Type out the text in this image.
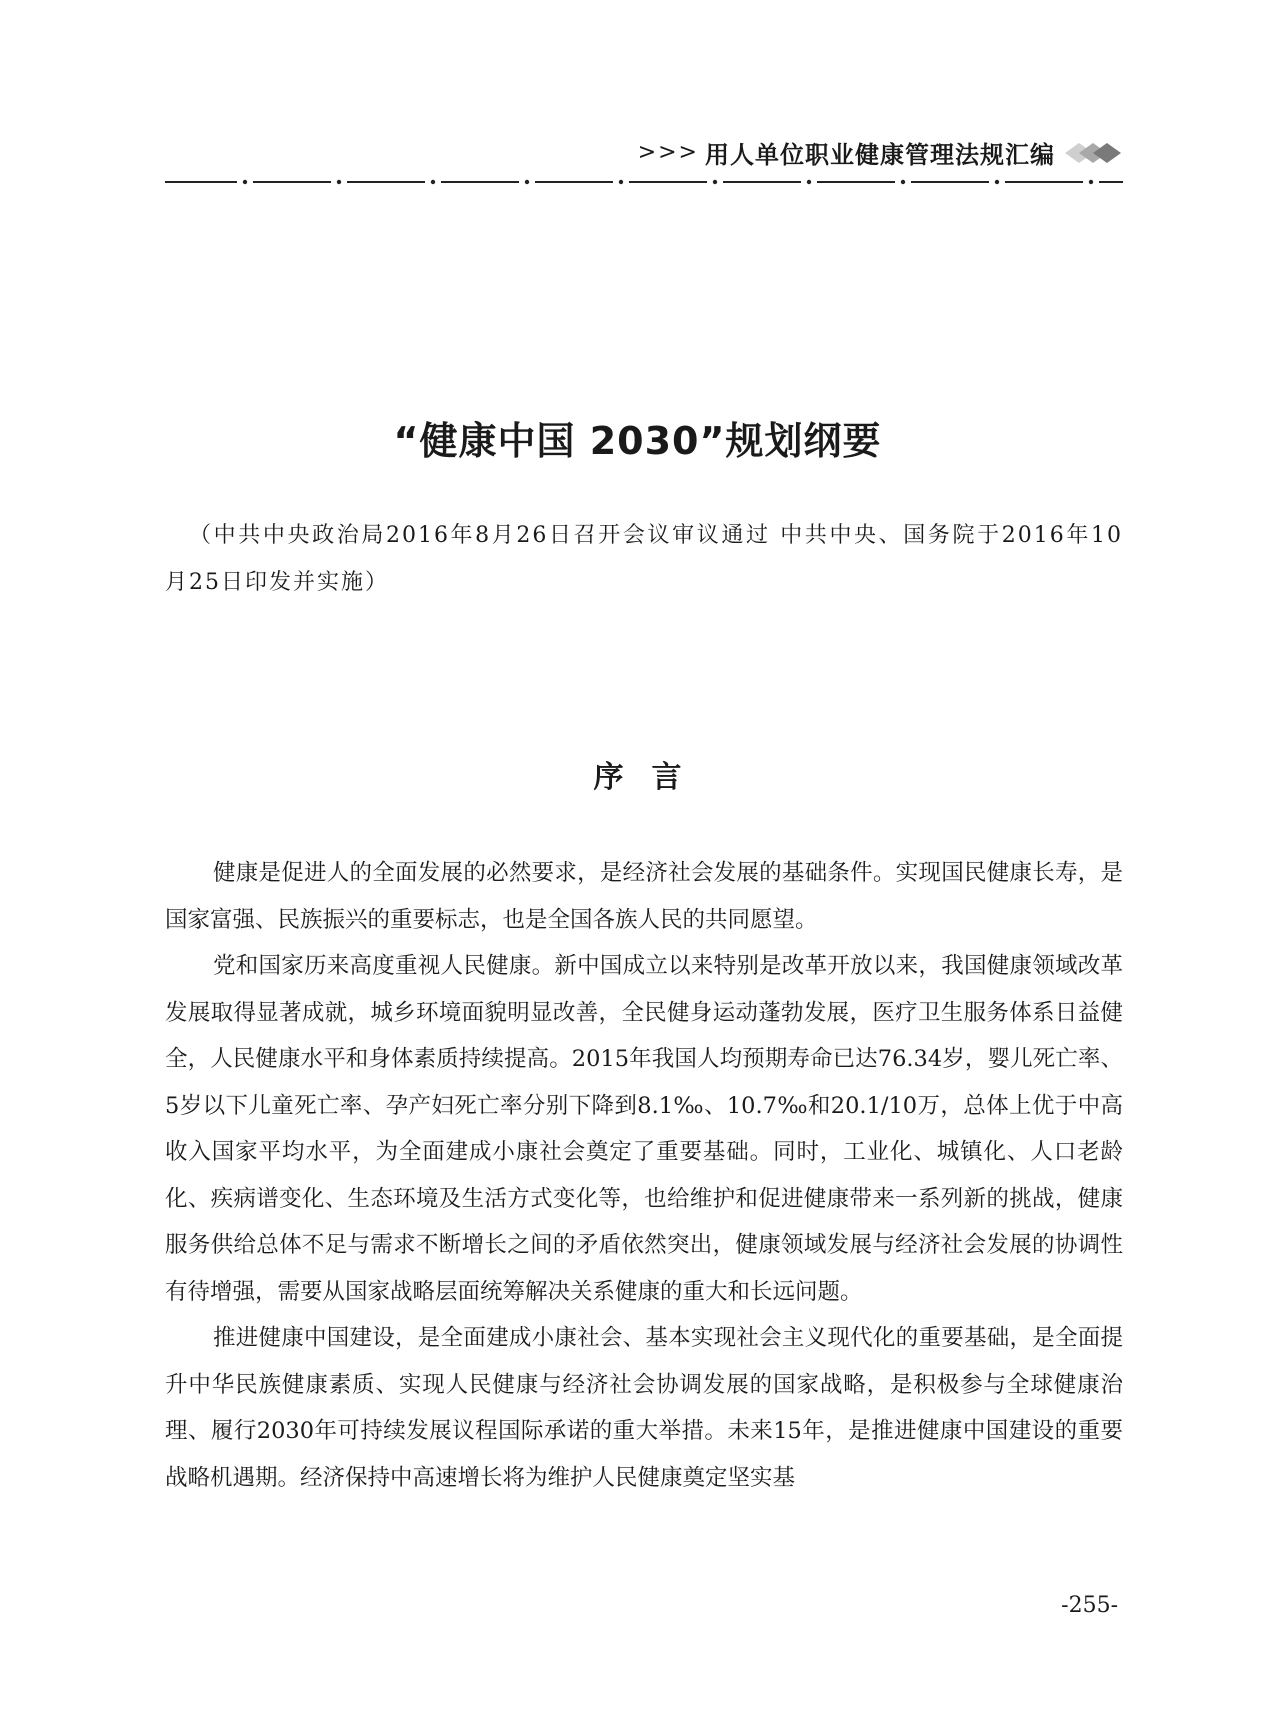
>>> 用人单位职业健康管理法规汇编
“健康中国 2030”规划纲要
（中共中央政治局2016年8月26日召开会议审议通过 中共中央、国务院于2016年10月25日印发并实施）
序言

健康是促进人的全面发展的必然要求，是经济社会发展的基础条件。实现国民健康长寿，是国家富强、民族振兴的重要标志，也是全国各族人民的共同愿望。

党和国家历来高度重视人民健康。新中国成立以来特别是改革开放以来，我国健康领域改革发展取得显著成就，城乡环境面貌明显改善，全民健身运动蓬勃发展，医疗卫生服务体系日益健全，人民健康水平和身体素质持续提高。2015年我国人均预期寿命已达76.34岁，婴儿死亡率、5岁以下儿童死亡率、孕产妇死亡率分别下降到8.1‰、10.7‰和20.1/10万，总体上优于中高收入国家平均水平，为全面建成小康社会奠定了重要基础。同时，工业化、城镇化、人口老龄化、疾病谱变化、生态环境及生活方式变化等，也给维护和促进健康带来一系列新的挑战，健康服务供给总体不足与需求不断增长之间的矛盾依然突出，健康领域发展与经济社会发展的协调性有待增强，需要从国家战略层面统筹解决关系健康的重大和长远问题。

推进健康中国建设，是全面建成小康社会、基本实现社会主义现代化的重要基础，是全面提升中华民族健康素质、实现人民健康与经济社会协调发展的国家战略，是积极参与全球健康治理、履行2030年可持续发展议程国际承诺的重大举措。未来15年，是推进健康中国建设的重要战略机遇期。经济保持中高速增长将为维护人民健康奠定坚实基

-255-
